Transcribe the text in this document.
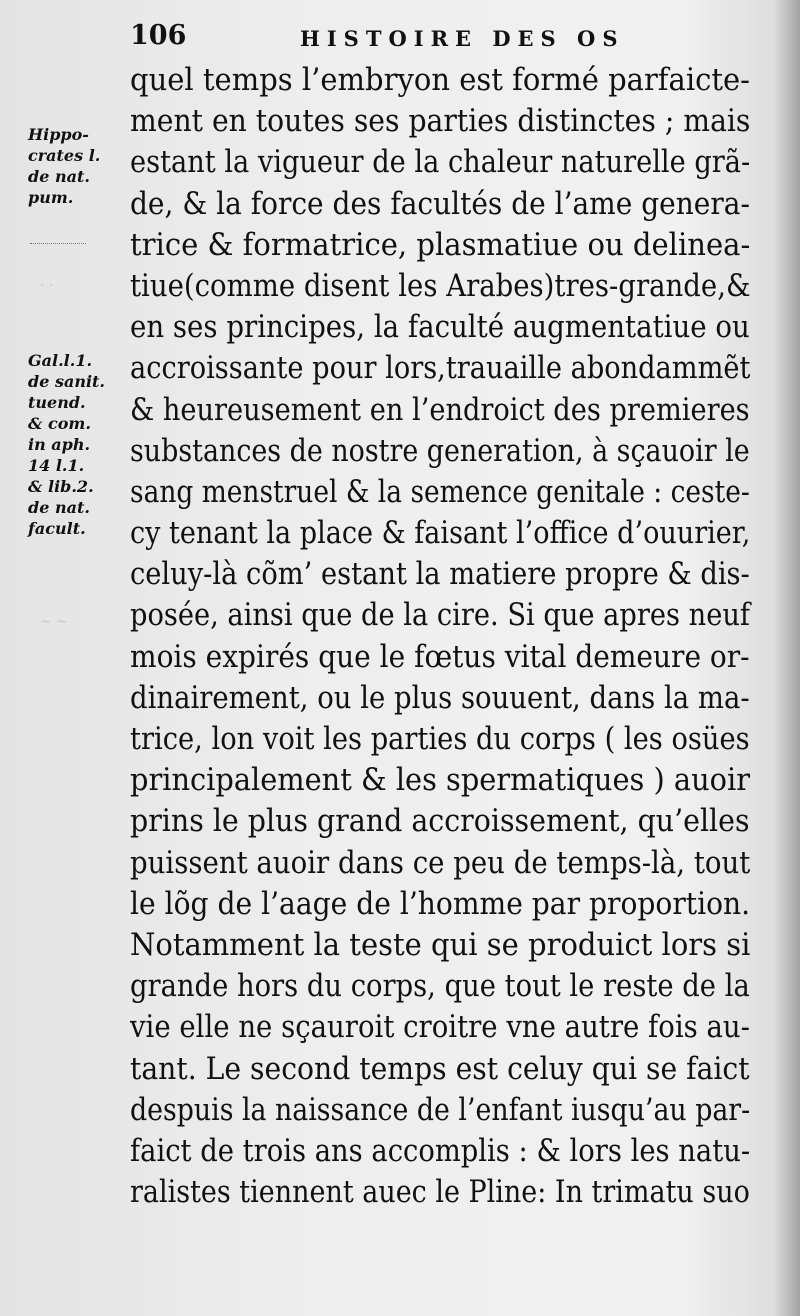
106	HISTOIRE DES OS
· ·
~ ~
Hippo-
crates l.
de nat.
pum.
Gal.l.1.
de sanit.
tuend.
& com.
in aph.
14 l.1.
& lib.2.
de nat.
facult.
quel temps l’embryon est formé parfaicte-
ment en toutes ses parties distinctes ; mais
estant la vigueur de la chaleur naturelle grã-
de, & la force des facultés de l’ame genera-
trice & formatrice, plasmatiue ou delinea-
tiue(comme disent les Arabes)tres-grande,&
en ses principes, la faculté augmentatiue ou
accroissante pour lors,trauaille abondammẽt
& heureusement en l’endroict des premieres
substances de nostre generation, à sçauoir le
sang menstruel & la semence genitale : ceste-
cy tenant la place & faisant l’office d’ouurier,
celuy-là cõm’ estant la matiere propre & dis-
posée, ainsi que de la cire. Si que apres neuf
mois expirés que le fœtus vital demeure or-
dinairement, ou le plus souuent, dans la ma-
trice, lon voit les parties du corps ( les osües
principalement & les spermatiques ) auoir
prins le plus grand accroissement, qu’elles
puissent auoir dans ce peu de temps-là, tout
le lõg de l’aage de l’homme par proportion.
Notamment la teste qui se produict lors si
grande hors du corps, que tout le reste de la
vie elle ne sçauroit croitre vne autre fois au-
tant. Le second temps est celuy qui se faict
despuis la naissance de l’enfant iusqu’au par-
faict de trois ans accomplis : & lors les natu-
ralistes tiennent auec le Pline: In trimatu suo
